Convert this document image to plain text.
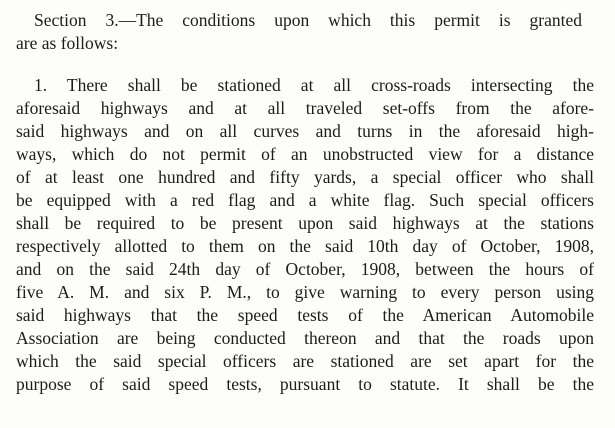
Section 3.—The conditions upon which this permit is granted
are as follows:
1. There shall be stationed at all cross-roads intersecting the
aforesaid highways and at all traveled set-offs from the afore-
said highways and on all curves and turns in the aforesaid high-
ways, which do not permit of an unobstructed view for a distance
of at least one hundred and fifty yards, a special officer who shall
be equipped with a red flag and a white flag. Such special officers
shall be required to be present upon said highways at the stations
respectively allotted to them on the said 10th day of October, 1908,
and on the said 24th day of October, 1908, between the hours of
five A. M. and six P. M., to give warning to every person using
said highways that the speed tests of the American Automobile
Association are being conducted thereon and that the roads upon
which the said special officers are stationed are set apart for the
purpose of said speed tests, pursuant to statute. It shall be the
